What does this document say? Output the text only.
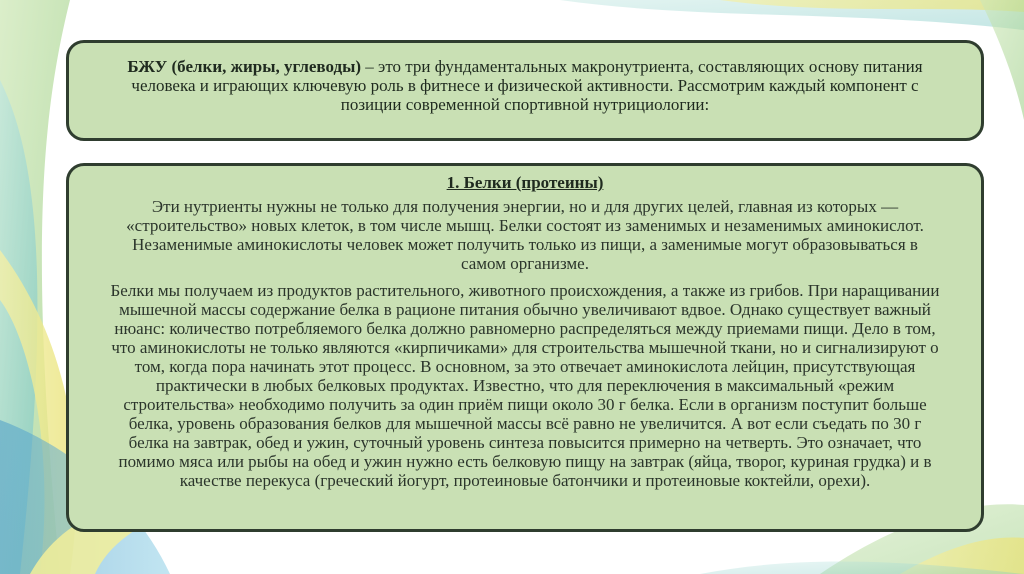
БЖУ (белки, жиры, углеводы) – это три фундаментальных макронутриента, составляющих основу питания человека и играющих ключевую роль в фитнесе и физической активности. Рассмотрим каждый компонент с позиции современной спортивной нутрициологии:
1. Белки (протеины)

Эти нутриенты нужны не только для получения энергии, но и для других целей, главная из которых — «строительство» новых клеток, в том числе мышц. Белки состоят из заменимых и незаменимых аминокислот. Незаменимые аминокислоты человек может получить только из пищи, а заменимые могут образовываться в самом организме.

Белки мы получаем из продуктов растительного, животного происхождения, а также из грибов. При наращивании мышечной массы содержание белка в рационе питания обычно увеличивают вдвое. Однако существует важный нюанс: количество потребляемого белка должно равномерно распределяться между приемами пищи. Дело в том, что аминокислоты не только являются «кирпичиками» для строительства мышечной ткани, но и сигнализируют о том, когда пора начинать этот процесс. В основном, за это отвечает аминокислота лейцин, присутствующая практически в любых белковых продуктах. Известно, что для переключения в максимальный «режим строительства» необходимо получить за один приём пищи около 30 г белка. Если в организм поступит больше белка, уровень образования белков для мышечной массы всё равно не увеличится. А вот если съедать по 30 г белка на завтрак, обед и ужин, суточный уровень синтеза повысится примерно на четверть. Это означает, что помимо мяса или рыбы на обед и ужин нужно есть белковую пищу на завтрак (яйца, творог, куриная грудка) и в качестве перекуса (греческий йогурт, протеиновые батончики и протеиновые коктейли, орехи).
